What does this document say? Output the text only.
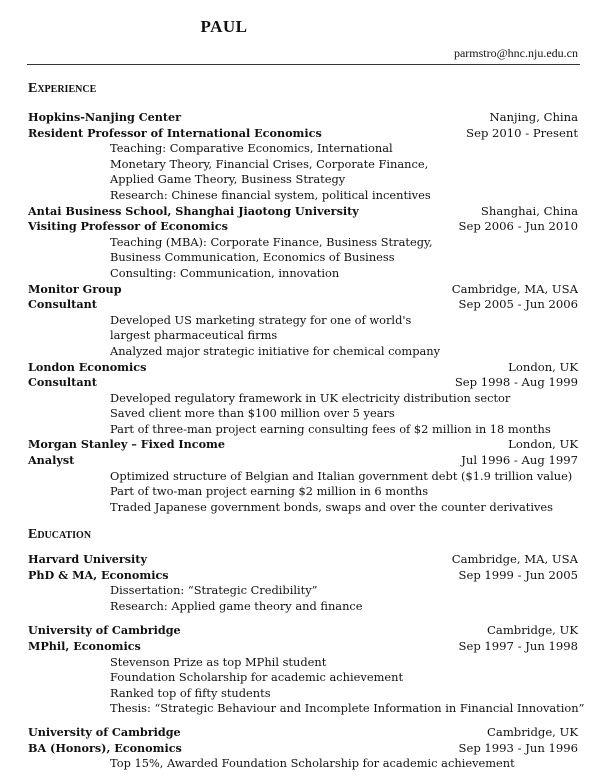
PAUL
parmstro@hnc.nju.edu.cn
Experience
Hopkins-Nanjing Center	Nanjing, China
Resident Professor of International Economics	Sep 2010 - Present
Teaching: Comparative Economics, International
Monetary Theory, Financial Crises, Corporate Finance,
Applied Game Theory, Business Strategy
Research: Chinese financial system, political incentives
Antai Business School, Shanghai Jiaotong University	Shanghai, China
Visiting Professor of Economics	Sep 2006 - Jun 2010
Teaching (MBA): Corporate Finance, Business Strategy,
Business Communication, Economics of Business
Consulting: Communication, innovation
Monitor Group	Cambridge, MA, USA
Consultant	Sep 2005 - Jun 2006
Developed US marketing strategy for one of world's
largest pharmaceutical firms
Analyzed major strategic initiative for chemical company
London Economics	London, UK
Consultant	Sep 1998 - Aug 1999
Developed regulatory framework in UK electricity distribution sector
Saved client more than $100 million over 5 years
Part of three-man project earning consulting fees of $2 million in 18 months
Morgan Stanley – Fixed Income	London, UK
Analyst	Jul 1996 - Aug 1997
Optimized structure of Belgian and Italian government debt ($1.9 trillion value)
Part of two-man project earning $2 million in 6 months
Traded Japanese government bonds, swaps and over the counter derivatives
Education
Harvard University	Cambridge, MA, USA
PhD & MA, Economics	Sep 1999 - Jun 2005
Dissertation: “Strategic Credibility”
Research: Applied game theory and finance
University of Cambridge	Cambridge, UK
MPhil, Economics	Sep 1997 - Jun 1998
Stevenson Prize as top MPhil student
Foundation Scholarship for academic achievement
Ranked top of fifty students
Thesis: “Strategic Behaviour and Incomplete Information in Financial Innovation”
University of Cambridge	Cambridge, UK
BA (Honors), Economics	Sep 1993 - Jun 1996
Top 15%, Awarded Foundation Scholarship for academic achievement
